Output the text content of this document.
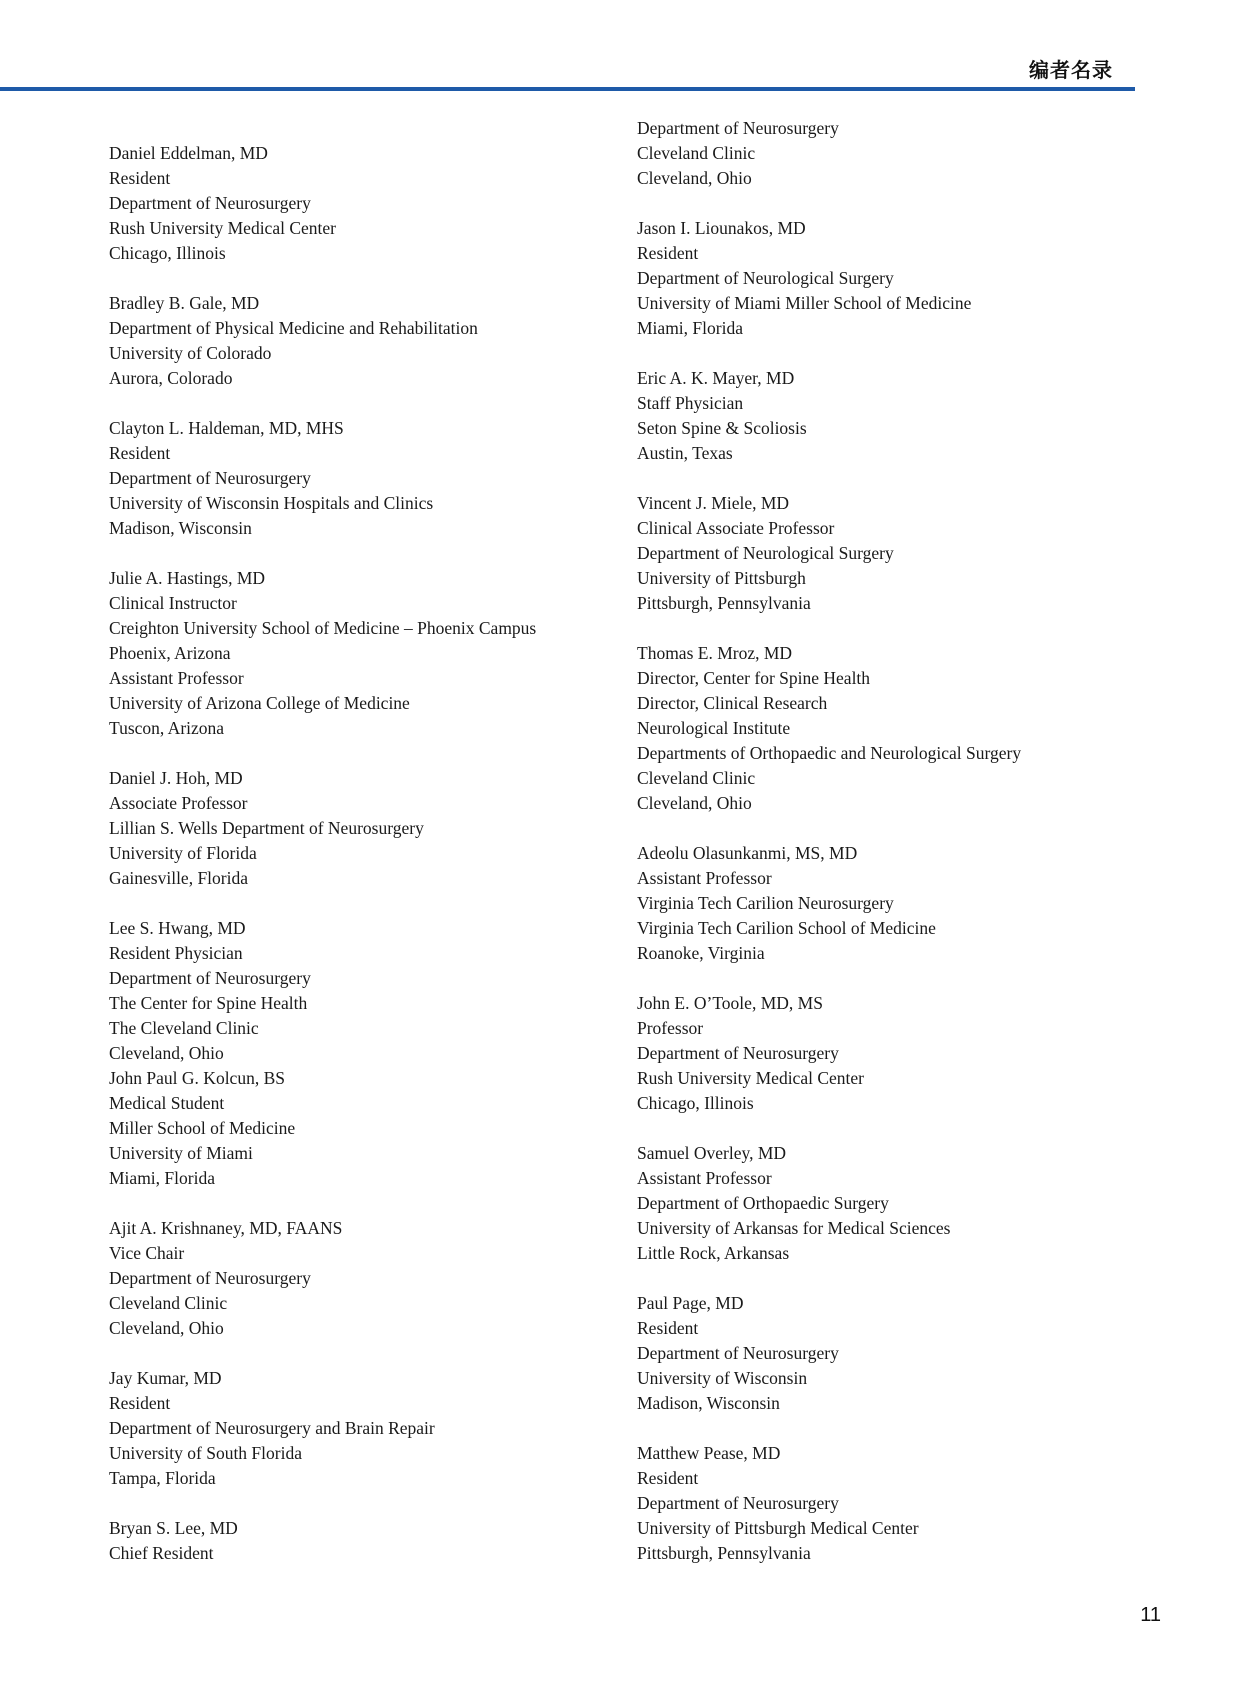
编者名录
Daniel Eddelman, MD
Resident
Department of Neurosurgery
Rush University Medical Center
Chicago, Illinois
Bradley B. Gale, MD
Department of Physical Medicine and Rehabilitation
University of Colorado
Aurora, Colorado
Clayton L. Haldeman, MD, MHS
Resident
Department of Neurosurgery
University of Wisconsin Hospitals and Clinics
Madison, Wisconsin
Julie A. Hastings, MD
Clinical Instructor
Creighton University School of Medicine – Phoenix Campus
Phoenix, Arizona
Assistant Professor
University of Arizona College of Medicine
Tuscon, Arizona
Daniel J. Hoh, MD
Associate Professor
Lillian S. Wells Department of Neurosurgery
University of Florida
Gainesville, Florida
Lee S. Hwang, MD
Resident Physician
Department of Neurosurgery
The Center for Spine Health
The Cleveland Clinic
Cleveland, Ohio
John Paul G. Kolcun, BS
Medical Student
Miller School of Medicine
University of Miami
Miami, Florida
Ajit A. Krishnaney, MD, FAANS
Vice Chair
Department of Neurosurgery
Cleveland Clinic
Cleveland, Ohio
Jay Kumar, MD
Resident
Department of Neurosurgery and Brain Repair
University of South Florida
Tampa, Florida
Bryan S. Lee, MD
Chief Resident
Department of Neurosurgery
Cleveland Clinic
Cleveland, Ohio
Jason I. Liounakos, MD
Resident
Department of Neurological Surgery
University of Miami Miller School of Medicine
Miami, Florida
Eric A. K. Mayer, MD
Staff Physician
Seton Spine & Scoliosis
Austin, Texas
Vincent J. Miele, MD
Clinical Associate Professor
Department of Neurological Surgery
University of Pittsburgh
Pittsburgh, Pennsylvania
Thomas E. Mroz, MD
Director, Center for Spine Health
Director, Clinical Research
Neurological Institute
Departments of Orthopaedic and Neurological Surgery
Cleveland Clinic
Cleveland, Ohio
Adeolu Olasunkanmi, MS, MD
Assistant Professor
Virginia Tech Carilion Neurosurgery
Virginia Tech Carilion School of Medicine
Roanoke, Virginia
John E. O’Toole, MD, MS
Professor
Department of Neurosurgery
Rush University Medical Center
Chicago, Illinois
Samuel Overley, MD
Assistant Professor
Department of Orthopaedic Surgery
University of Arkansas for Medical Sciences
Little Rock, Arkansas
Paul Page, MD
Resident
Department of Neurosurgery
University of Wisconsin
Madison, Wisconsin
Matthew Pease, MD
Resident
Department of Neurosurgery
University of Pittsburgh Medical Center
Pittsburgh, Pennsylvania
11
